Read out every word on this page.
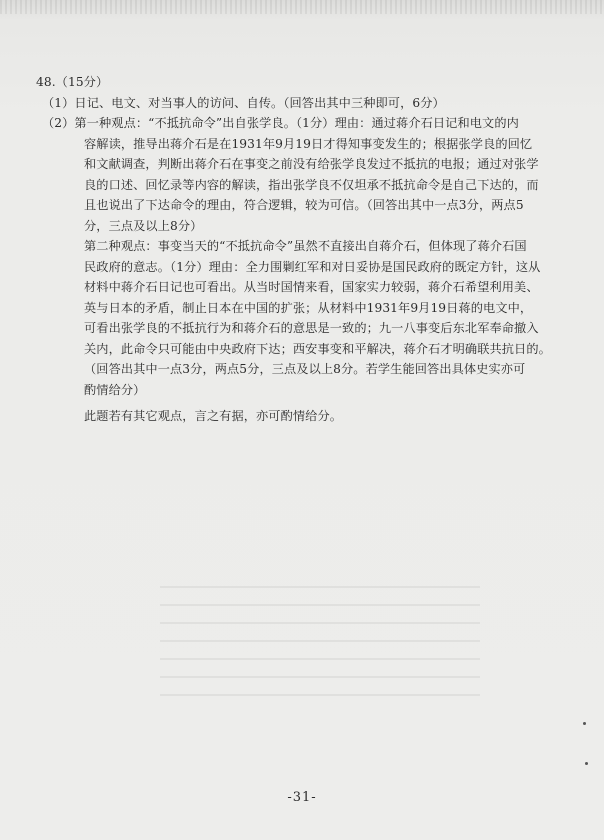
48.（15分）

（1）日记、电文、对当事人的访问、自传。（回答出其中三种即可，6分）

（2）第一种观点：“不抵抗命令”出自张学良。（1分）理由：通过蒋介石日记和电文的内

容解读，推导出蒋介石是在1931年9月19日才得知事变发生的；根据张学良的回忆

和文献调查，判断出蒋介石在事变之前没有给张学良发过不抵抗的电报；通过对张学

良的口述、回忆录等内容的解读，指出张学良不仅坦承不抵抗命令是自己下达的，而

且也说出了下达命令的理由，符合逻辑，较为可信。（回答出其中一点3分，两点5

分，三点及以上8分）

第二种观点：事变当天的“不抵抗命令”虽然不直接出自蒋介石，但体现了蒋介石国

民政府的意志。（1分）理由：全力围剿红军和对日妥协是国民政府的既定方针，这从

材料中蒋介石日记也可看出。从当时国情来看，国家实力较弱，蒋介石希望利用美、

英与日本的矛盾，制止日本在中国的扩张；从材料中1931年9月19日蒋的电文中，

可看出张学良的不抵抗行为和蒋介石的意思是一致的；九一八事变后东北军奉命撤入

关内，此命令只可能由中央政府下达；西安事变和平解决，蒋介石才明确联共抗日的。

（回答出其中一点3分，两点5分，三点及以上8分。若学生能回答出具体史实亦可

酌情给分）

此题若有其它观点，言之有据，亦可酌情给分。

-31-
